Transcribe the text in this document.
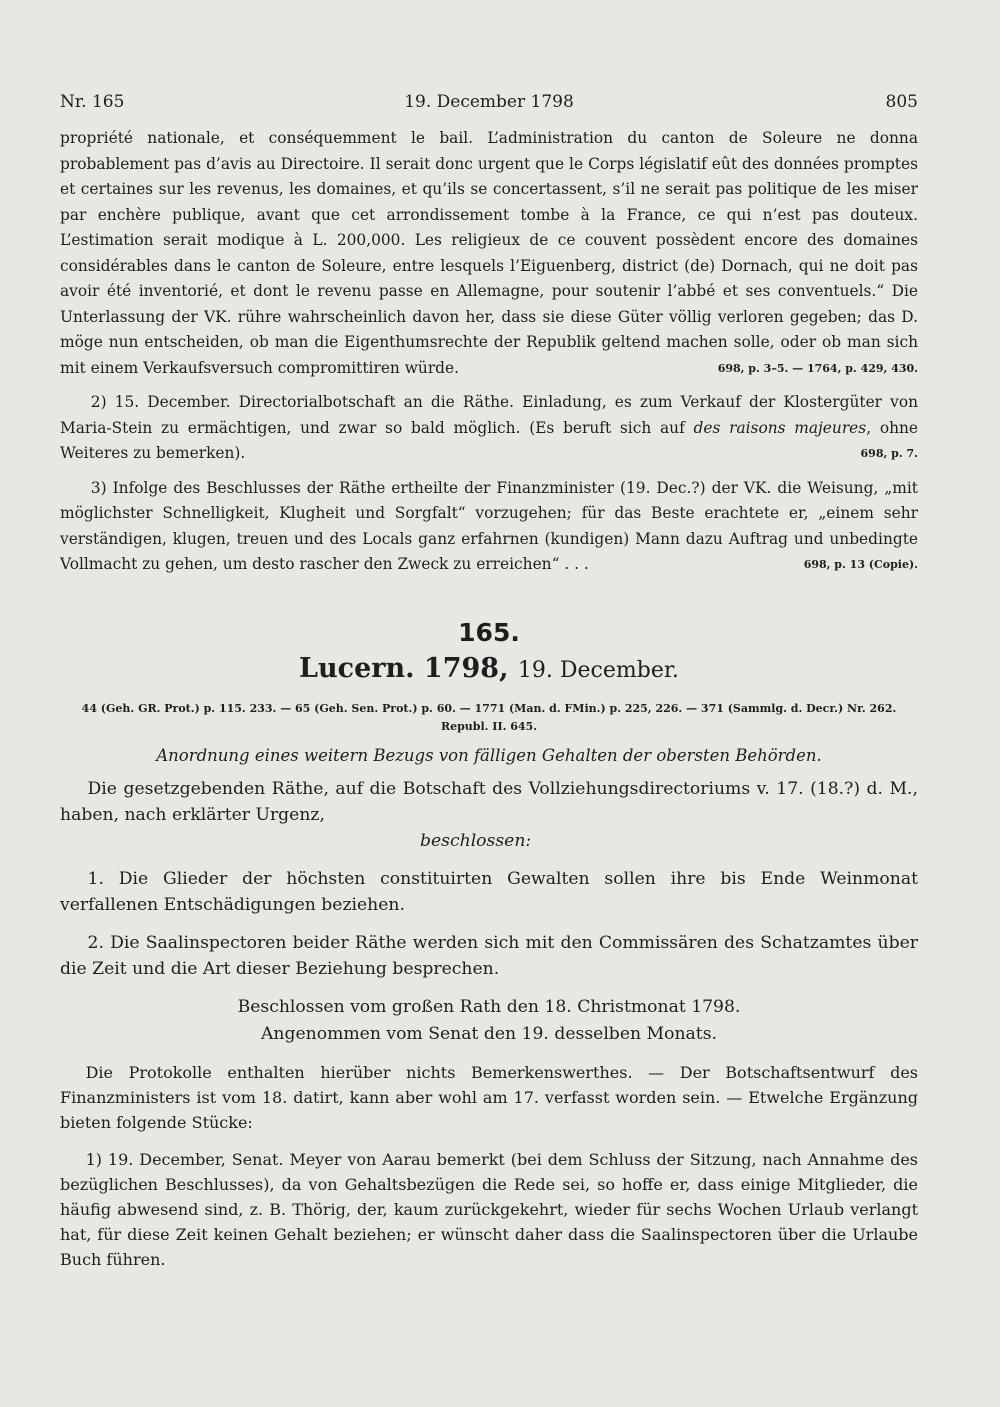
Nr. 165	19. December 1798	805

propriété nationale, et conséquemment le bail. L’administration du canton de Soleure ne donna probablement pas d’avis au Directoire. Il serait donc urgent que le Corps législatif eût des données promptes et certaines sur les revenus, les domaines, et qu’ils se concertassent, s’il ne serait pas politique de les miser par enchère publique, avant que cet arrondissement tombe à la France, ce qui n’est pas douteux. L’estimation serait modique à L. 200,000. Les religieux de ce couvent possèdent encore des domaines considérables dans le canton de Soleure, entre lesquels l’Eiguenberg, district (de) Dornach, qui ne doit pas avoir été inventorié, et dont le revenu passe en Allemagne, pour soutenir l’abbé et ses conventuels.“ Die Unterlassung der VK. rühre wahrscheinlich davon her, dass sie diese Güter völlig verloren gegeben; das D. möge nun entscheiden, ob man die Eigenthumsrechte der Republik geltend machen solle, oder ob man sich mit einem Verkaufsversuch compromittiren würde.	698, p. 3–5. — 1764, p. 429, 430.

2) 15. December. Directorialbotschaft an die Räthe. Einladung, es zum Verkauf der Klostergüter von Maria-Stein zu ermächtigen, und zwar so bald möglich. (Es beruft sich auf des raisons majeures, ohne Weiteres zu bemerken).	698, p. 7.

3) Infolge des Beschlusses der Räthe ertheilte der Finanzminister (19. Dec.?) der VK. die Weisung, „mit möglichster Schnelligkeit, Klugheit und Sorgfalt“ vorzugehen; für das Beste erachtete er, „einem sehr verständigen, klugen, treuen und des Locals ganz erfahrnen (kundigen) Mann dazu Auftrag und unbedingte Vollmacht zu gehen, um desto rascher den Zweck zu erreichen“ . . .	698, p. 13 (Copie).

165.
Lucern. 1798, 19. December.
44 (Geh. GR. Prot.) p. 115. 233. — 65 (Geh. Sen. Prot.) p. 60. — 1771 (Man. d. FMin.) p. 225, 226. — 371 (Sammlg. d. Decr.) Nr. 262. Republ. II. 645.
Anordnung eines weitern Bezugs von fälligen Gehalten der obersten Behörden.

Die gesetzgebenden Räthe, auf die Botschaft des Vollziehungsdirectoriums v. 17. (18.?) d. M., haben, nach erklärter Urgenz,

beschlossen:

1. Die Glieder der höchsten constituirten Gewalten sollen ihre bis Ende Weinmonat verfallenen Entschädigungen beziehen.

2. Die Saalinspectoren beider Räthe werden sich mit den Commissären des Schatzamtes über die Zeit und die Art dieser Beziehung besprechen.

Beschlossen vom großen Rath den 18. Christmonat 1798.
Angenommen vom Senat den 19. desselben Monats.

Die Protokolle enthalten hierüber nichts Bemerkenswerthes. — Der Botschaftsentwurf des Finanzministers ist vom 18. datirt, kann aber wohl am 17. verfasst worden sein. — Etwelche Ergänzung bieten folgende Stücke:

1) 19. December, Senat. Meyer von Aarau bemerkt (bei dem Schluss der Sitzung, nach Annahme des bezüglichen Beschlusses), da von Gehaltsbezügen die Rede sei, so hoffe er, dass einige Mitglieder, die häufig abwesend sind, z. B. Thörig, der, kaum zurückgekehrt, wieder für sechs Wochen Urlaub verlangt hat, für diese Zeit keinen Gehalt beziehen; er wünscht daher dass die Saalinspectoren über die Urlaube Buch führen.
